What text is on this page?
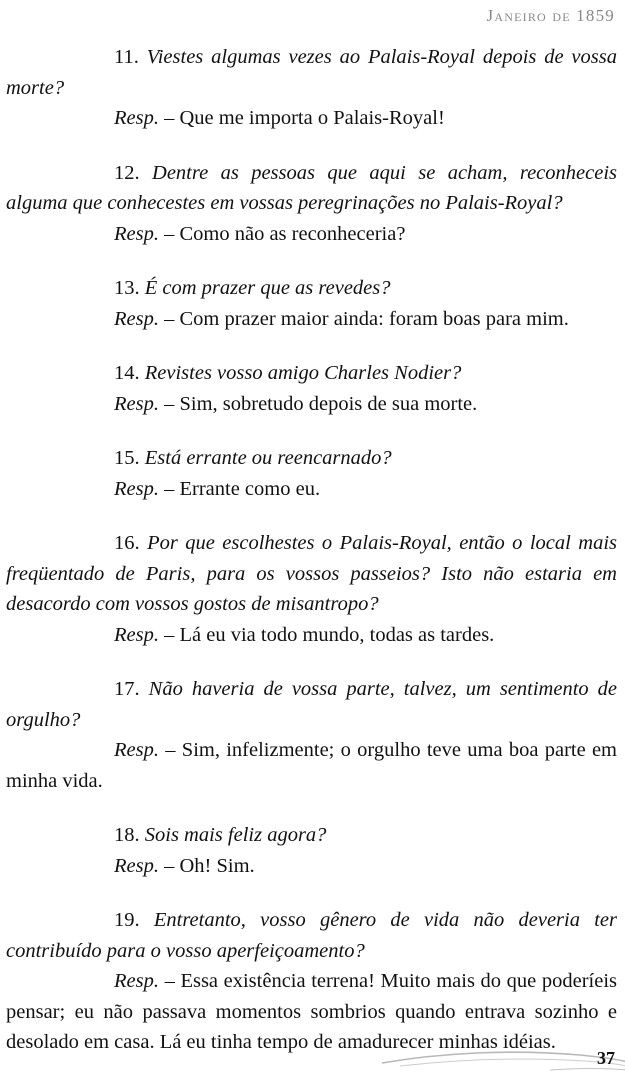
Janeiro de 1859

11. Viestes algumas vezes ao Palais-Royal depois de vossa morte?

Resp. – Que me importa o Palais-Royal!

12. Dentre as pessoas que aqui se acham, reconheceis alguma que conhecestes em vossas peregrinações no Palais-Royal?

Resp. – Como não as reconheceria?

13. É com prazer que as revedes?

Resp. – Com prazer maior ainda: foram boas para mim.

14. Revistes vosso amigo Charles Nodier?

Resp. – Sim, sobretudo depois de sua morte.

15. Está errante ou reencarnado?

Resp. – Errante como eu.

16. Por que escolhestes o Palais-Royal, então o local mais freqüentado de Paris, para os vossos passeios? Isto não estaria em desacordo com vossos gostos de misantropo?

Resp. – Lá eu via todo mundo, todas as tardes.

17. Não haveria de vossa parte, talvez, um sentimento de orgulho?

Resp. – Sim, infelizmente; o orgulho teve uma boa parte em minha vida.

18. Sois mais feliz agora?

Resp. – Oh! Sim.

19. Entretanto, vosso gênero de vida não deveria ter contribuído para o vosso aperfeiçoamento?

Resp. – Essa existência terrena! Muito mais do que poderíeis pensar; eu não passava momentos sombrios quando entrava sozinho e desolado em casa. Lá eu tinha tempo de amadurecer minhas idéias.

37
